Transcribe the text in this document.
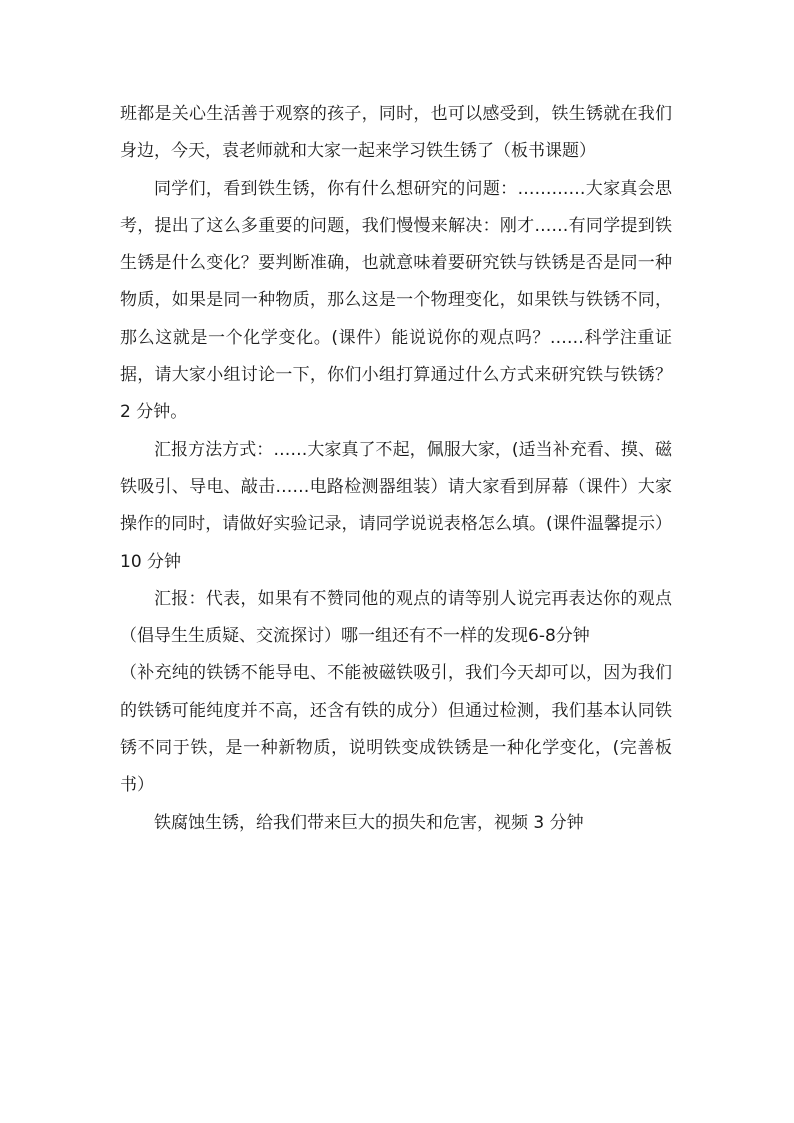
班都是关心生活善于观察的孩子，同时，也可以感受到，铁生锈就在我们身边，今天，袁老师就和大家一起来学习铁生锈了（板书课题）

同学们，看到铁生锈，你有什么想研究的问题：…………大家真会思考，提出了这么多重要的问题，我们慢慢来解决：刚才……有同学提到铁生锈是什么变化？要判断准确，也就意味着要研究铁与铁锈是否是同一种物质，如果是同一种物质，那么这是一个物理变化，如果铁与铁锈不同，那么这就是一个化学变化。(课件）能说说你的观点吗？……科学注重证据，请大家小组讨论一下，你们小组打算通过什么方式来研究铁与铁锈？2 分钟。

汇报方法方式：……大家真了不起，佩服大家，(适当补充看、摸、磁铁吸引、导电、敲击……电路检测器组装）请大家看到屏幕（课件）大家操作的同时，请做好实验记录，请同学说说表格怎么填。(课件温馨提示）10 分钟

汇报：代表，如果有不赞同他的观点的请等别人说完再表达你的观点（倡导生生质疑、交流探讨）哪一组还有不一样的发现6-8分钟

（补充纯的铁锈不能导电、不能被磁铁吸引，我们今天却可以，因为我们的铁锈可能纯度并不高，还含有铁的成分）但通过检测，我们基本认同铁锈不同于铁，是一种新物质，说明铁变成铁锈是一种化学变化，(完善板书）

铁腐蚀生锈，给我们带来巨大的损失和危害，视频 3 分钟
